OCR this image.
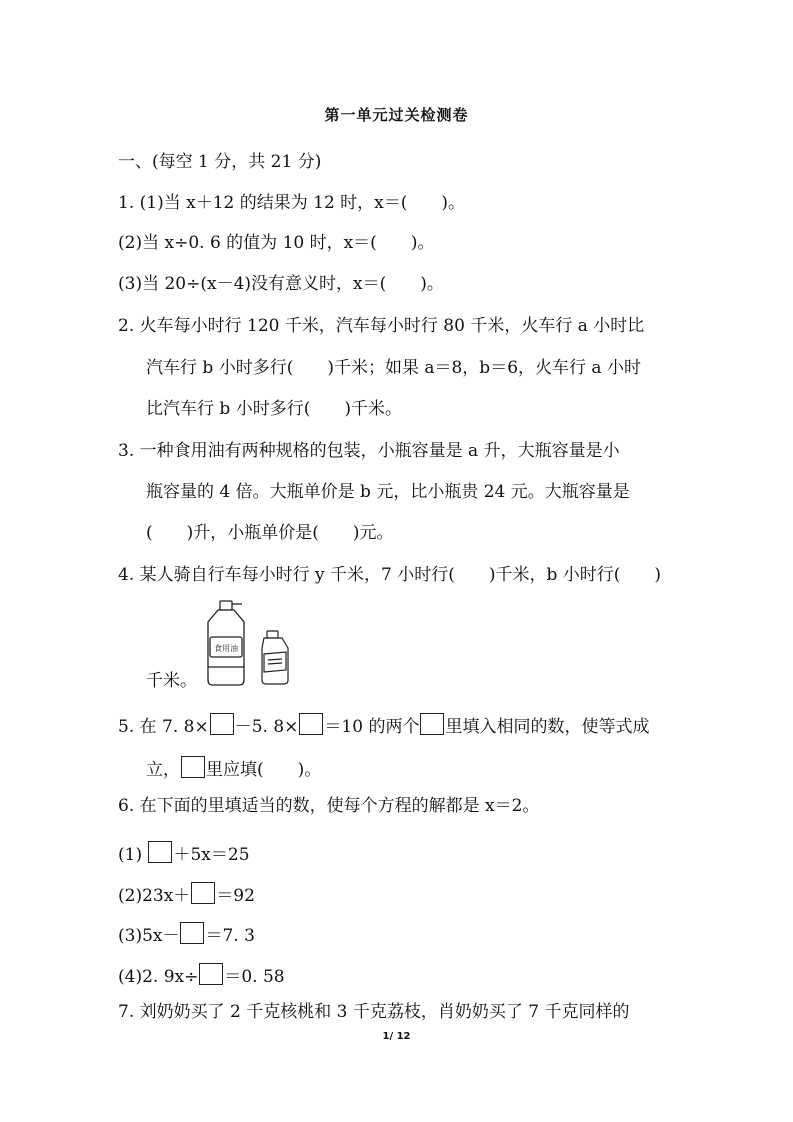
第一单元过关检测卷
一、(每空 1 分，共 21 分)
1. (1)当 x＋12 的结果为 12 时，x＝(　　)。
(2)当 x÷0. 6 的值为 10 时，x＝(　　)。
(3)当 20÷(x－4)没有意义时，x＝(　　)。
2. 火车每小时行 120 千米，汽车每小时行 80 千米，火车行 a 小时比
汽车行 b 小时多行(　　)千米；如果 a＝8，b＝6，火车行 a 小时
比汽车行 b 小时多行(　　)千米。
3. 一种食用油有两种规格的包装，小瓶容量是 a 升，大瓶容量是小
瓶容量的 4 倍。大瓶单价是 b 元，比小瓶贵 24 元。大瓶容量是
(　　)升，小瓶单价是(　　)元。
4. 某人骑自行车每小时行 y 千米，7 小时行(　　)千米，b 小时行(　　)
食用油
千米。
5. 在 7. 8× －5. 8× ＝10 的两个 里填入相同的数，使等式成
立， 里应填(　　)。
6. 在下面的里填适当的数，使每个方程的解都是 x＝2。
(1) ＋5x＝25
(2)23x＋ ＝92
(3)5x－ ＝7. 3
(4)2. 9x÷ ＝0. 58
7. 刘奶奶买了 2 千克核桃和 3 千克荔枝，肖奶奶买了 7 千克同样的
1/ 12
